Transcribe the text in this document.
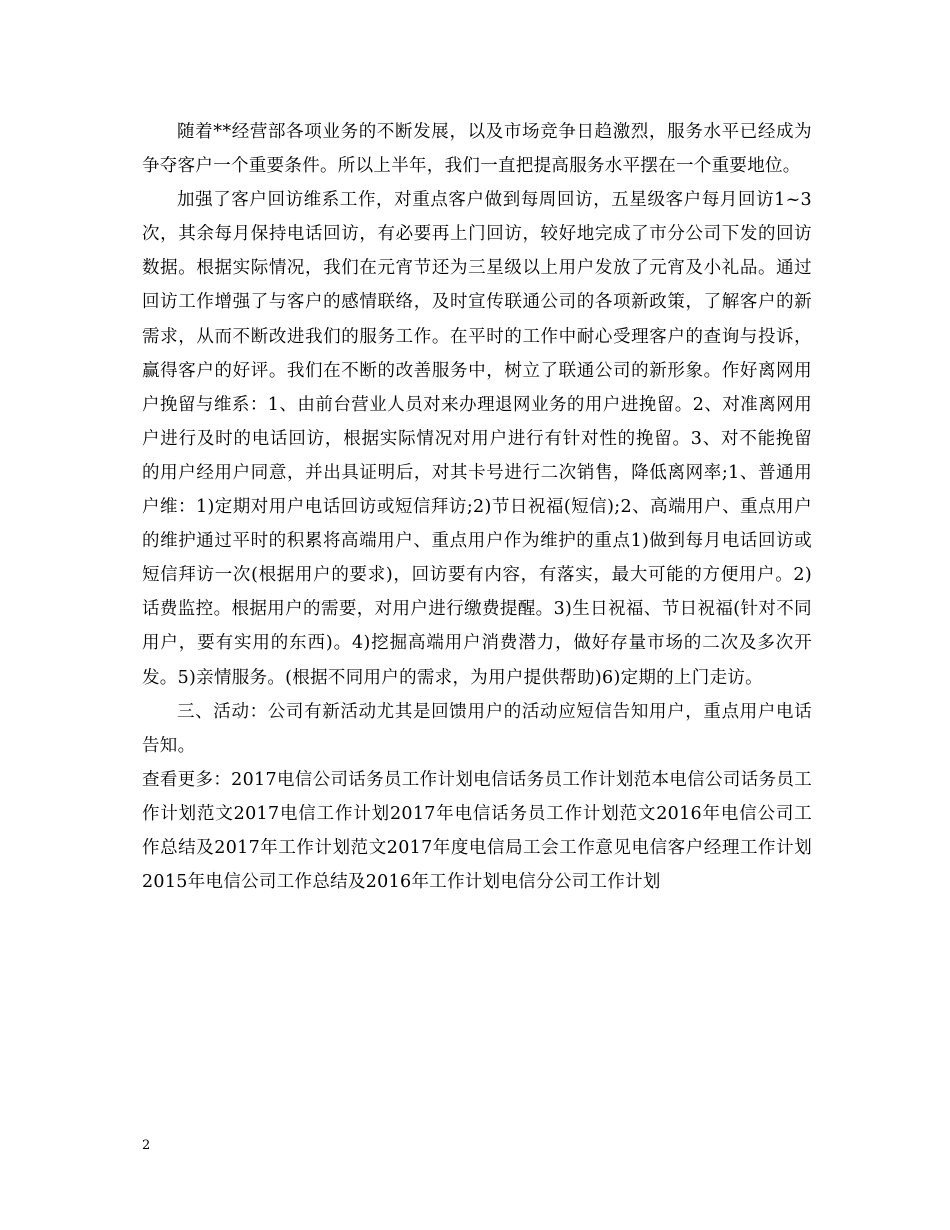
随着**经营部各项业务的不断发展，以及市场竞争日趋激烈，服务水平已经成为争夺客户一个重要条件。所以上半年，我们一直把提高服务水平摆在一个重要地位。

加强了客户回访维系工作，对重点客户做到每周回访，五星级客户每月回访1~3次，其余每月保持电话回访，有必要再上门回访，较好地完成了市分公司下发的回访数据。根据实际情况，我们在元宵节还为三星级以上用户发放了元宵及小礼品。通过回访工作增强了与客户的感情联络，及时宣传联通公司的各项新政策，了解客户的新需求，从而不断改进我们的服务工作。在平时的工作中耐心受理客户的查询与投诉，赢得客户的好评。我们在不断的改善服务中，树立了联通公司的新形象。作好离网用户挽留与维系：1、由前台营业人员对来办理退网业务的用户进挽留。2、对准离网用户进行及时的电话回访，根据实际情况对用户进行有针对性的挽留。3、对不能挽留的用户经用户同意，并出具证明后，对其卡号进行二次销售，降低离网率;1、普通用户维：1)定期对用户电话回访或短信拜访;2)节日祝福(短信);2、高端用户、重点用户的维护通过平时的积累将高端用户、重点用户作为维护的重点1)做到每月电话回访或短信拜访一次(根据用户的要求)，回访要有内容，有落实，最大可能的方便用户。2)话费监控。根据用户的需要，对用户进行缴费提醒。3)生日祝福、节日祝福(针对不同用户，要有实用的东西)。4)挖掘高端用户消费潜力，做好存量市场的二次及多次开发。5)亲情服务。(根据不同用户的需求，为用户提供帮助)6)定期的上门走访。

三、活动：公司有新活动尤其是回馈用户的活动应短信告知用户，重点用户电话告知。

查看更多：2017电信公司话务员工作计划电信话务员工作计划范本电信公司话务员工作计划范文2017电信工作计划2017年电信话务员工作计划范文2016年电信公司工作总结及2017年工作计划范文2017年度电信局工会工作意见电信客户经理工作计划2015年电信公司工作总结及2016年工作计划电信分公司工作计划

2
